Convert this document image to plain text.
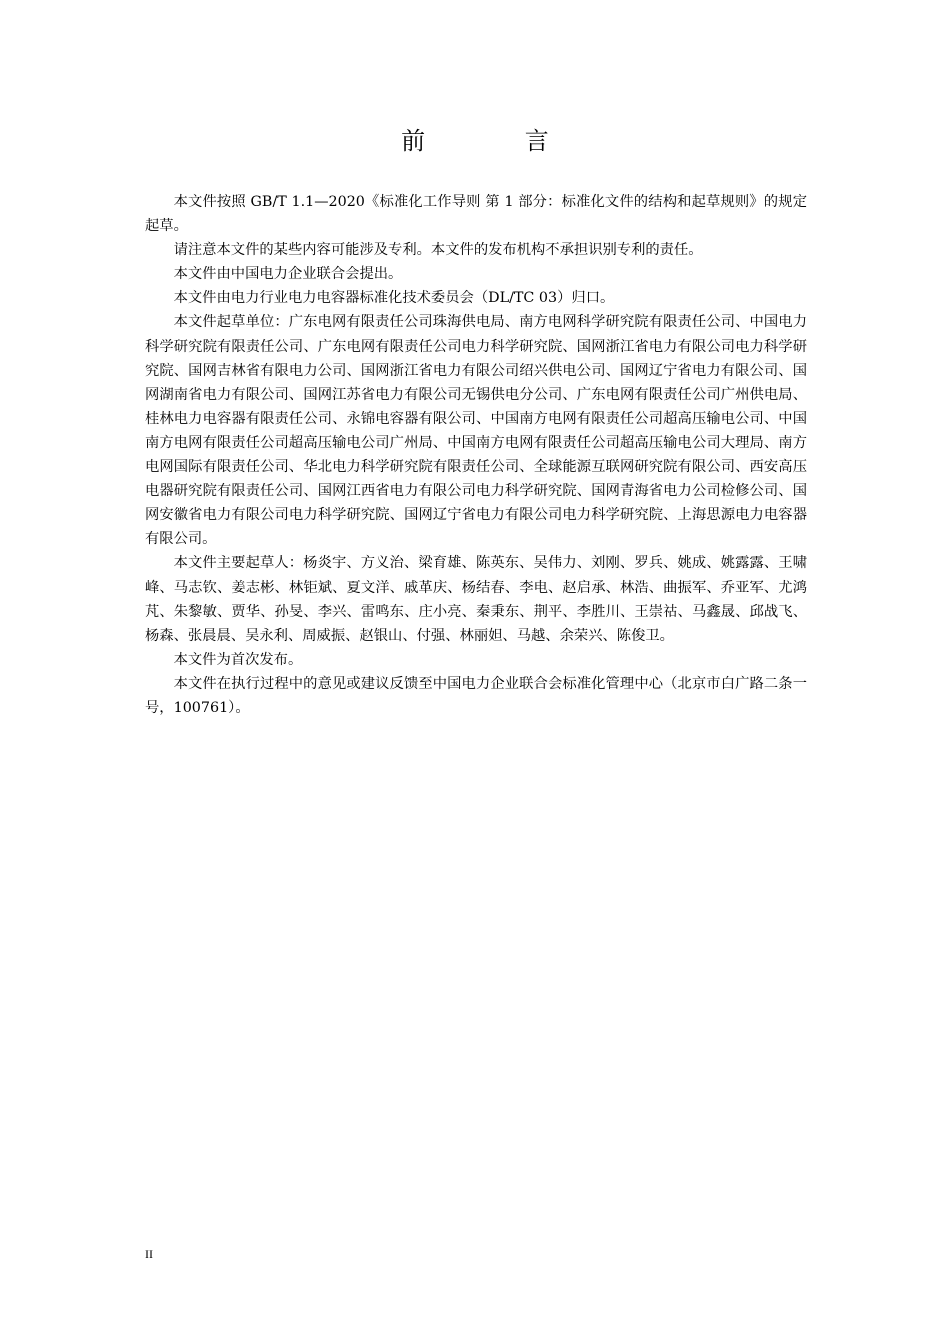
前 言

本文件按照 GB/T 1.1—2020《标准化工作导则 第 1 部分：标准化文件的结构和起草规则》的规定起草。

请注意本文件的某些内容可能涉及专利。本文件的发布机构不承担识别专利的责任。

本文件由中国电力企业联合会提出。

本文件由电力行业电力电容器标准化技术委员会（DL/TC 03）归口。

本文件起草单位：广东电网有限责任公司珠海供电局、南方电网科学研究院有限责任公司、中国电力科学研究院有限责任公司、广东电网有限责任公司电力科学研究院、国网浙江省电力有限公司电力科学研究院、国网吉林省有限电力公司、国网浙江省电力有限公司绍兴供电公司、国网辽宁省电力有限公司、国网湖南省电力有限公司、国网江苏省电力有限公司无锡供电分公司、广东电网有限责任公司广州供电局、桂林电力电容器有限责任公司、永锦电容器有限公司、中国南方电网有限责任公司超高压输电公司、中国南方电网有限责任公司超高压输电公司广州局、中国南方电网有限责任公司超高压输电公司大理局、南方电网国际有限责任公司、华北电力科学研究院有限责任公司、全球能源互联网研究院有限公司、西安高压电器研究院有限责任公司、国网江西省电力有限公司电力科学研究院、国网青海省电力公司检修公司、国网安徽省电力有限公司电力科学研究院、国网辽宁省电力有限公司电力科学研究院、上海思源电力电容器有限公司。

本文件主要起草人：杨炎宇、方义治、梁育雄、陈英东、吴伟力、刘刚、罗兵、姚成、姚露露、王啸峰、马志钦、姜志彬、林钜斌、夏文洋、戚革庆、杨结春、李电、赵启承、林浩、曲振军、乔亚军、尤鸿芃、朱黎敏、贾华、孙旻、李兴、雷鸣东、庄小亮、秦秉东、荆平、李胜川、王崇祜、马鑫晟、邱战飞、杨森、张晨晨、吴永利、周威振、赵银山、付强、林丽妲、马越、余荣兴、陈俊卫。

本文件为首次发布。

本文件在执行过程中的意见或建议反馈至中国电力企业联合会标准化管理中心（北京市白广路二条一号，100761）。

II
